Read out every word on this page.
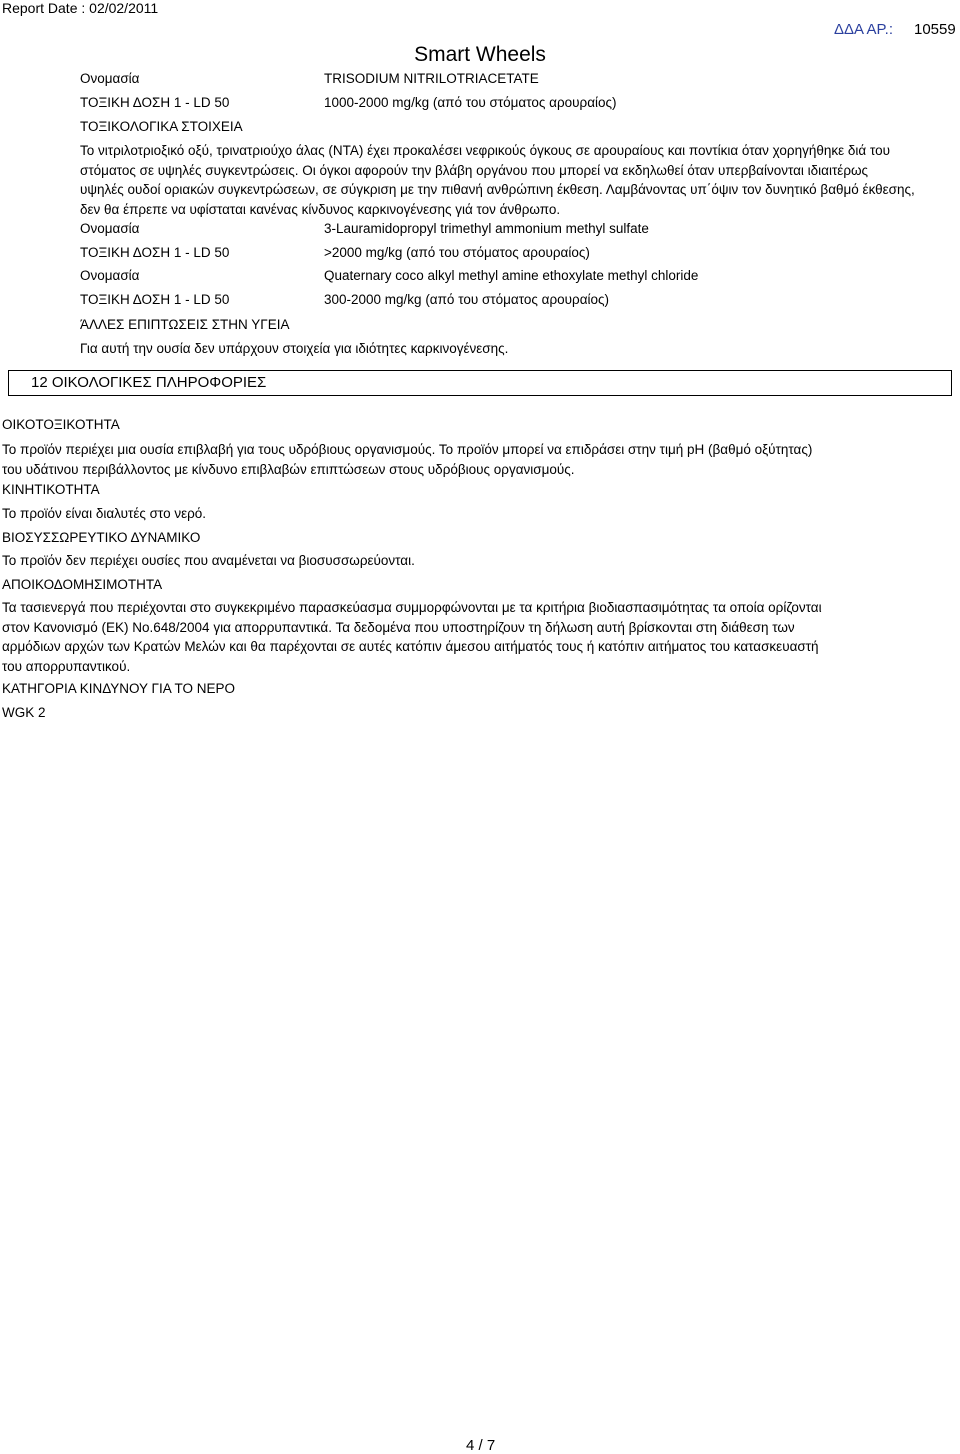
Report Date : 02/02/2011
Smart Wheels
ΔΔΑ ΑΡ.: 10559
Ονομασία	TRISODIUM NITRILOTRIACETATE
ΤΟΞΙΚΗ ΔΟΣΗ 1 - LD 50	1000-2000 mg/kg (από του στόματος αρουραίος)
ΤΟΞΙΚΟΛΟΓΙΚΑ ΣΤΟΙΧΕΙΑ
Το νιτριλοτριοξικό οξύ, τρινατριούχο άλας (NTA) έχει προκαλέσει νεφρικούς όγκους σε αρουραίους και ποντίκια όταν χορηγήθηκε διά του
στόματος σε υψηλές συγκεντρώσεις. Οι όγκοι αφορούν την βλάβη οργάνου που μπορεί να εκδηλωθεί όταν υπερβαίνονται ιδιαιτέρως
υψηλές ουδοί οριακών συγκεντρώσεων, σε σύγκριση με την πιθανή ανθρώπινη έκθεση. Λαμβάνοντας υπ΄όψιν τον δυνητικό βαθμό έκθεσης,
δεν θα έπρεπε να υφίσταται κανένας κίνδυνος καρκινογένεσης γιά τον άνθρωπο.
Ονομασία	3-Lauramidopropyl trimethyl ammonium methyl sulfate
ΤΟΞΙΚΗ ΔΟΣΗ 1 - LD 50	>2000 mg/kg (από του στόματος αρουραίος)
Ονομασία	Quaternary coco alkyl methyl amine ethoxylate methyl chloride
ΤΟΞΙΚΗ ΔΟΣΗ 1 - LD 50	300-2000 mg/kg (από του στόματος αρουραίος)
ΆΛΛΕΣ ΕΠΙΠΤΩΣΕΙΣ ΣΤΗΝ ΥΓΕΙΑ
Για αυτή την ουσία δεν υπάρχουν στοιχεία για ιδιότητες καρκινογένεσης.
12 ΟΙΚΟΛΟΓΙΚΕΣ ΠΛΗΡΟΦΟΡΙΕΣ
ΟΙΚΟΤΟΞΙΚΟΤΗΤΑ
Το προϊόν περιέχει μια ουσία επιβλαβή για τους υδρόβιους οργανισμούς. Το προϊόν μπορεί να επιδράσει στην τιμή pH (βαθμό οξύτητας)
του υδάτινου περιβάλλοντος με κίνδυνο επιβλαβών επιπτώσεων στους υδρόβιους οργανισμούς.
ΚΙΝΗΤΙΚΟΤΗΤΑ
Το προϊόν είναι διαλυτές στο νερό.
ΒΙΟΣΥΣΣΩΡΕΥΤΙΚΟ ΔΥΝΑΜΙΚΟ
Το προϊόν δεν περιέχει ουσίες που αναμένεται να βιοσυσσωρεύονται.
ΑΠΟΙΚΟΔΟΜΗΣΙΜΟΤΗΤΑ
Τα τασιενεργά που περιέχονται στο συγκεκριμένο παρασκεύασμα συμμορφώνονται με τα κριτήρια βιοδιασπασιμότητας τα οποία ορίζονται
στον Κανονισμό (ΕΚ) No.648/2004 για απορρυπαντικά. Τα δεδομένα που υποστηρίζουν τη δήλωση αυτή βρίσκονται στη διάθεση των
αρμόδιων αρχών των Κρατών Μελών και θα παρέχονται σε αυτές κατόπιν άμεσου αιτήματός τους ή κατόπιν αιτήματος του κατασκευαστή
του απορρυπαντικού.
ΚΑΤΗΓΟΡΙΑ ΚΙΝΔΥΝΟΥ ΓΙΑ ΤΟ ΝΕΡΟ
WGK 2
4 / 7
